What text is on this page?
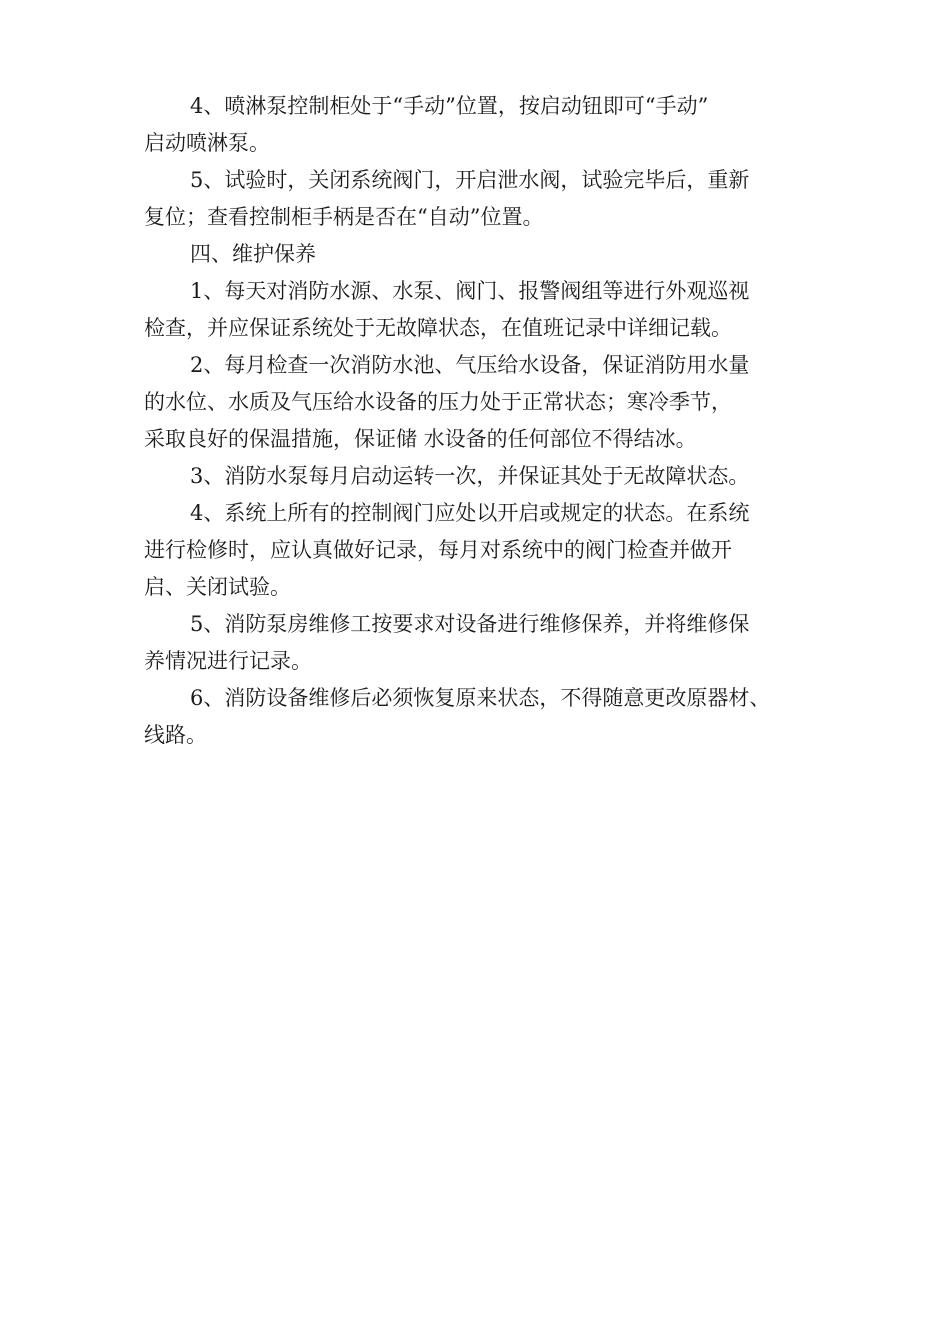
4、喷淋泵控制柜处于“手动”位置，按启动钮即可“手动”
启动喷淋泵。
5、试验时，关闭系统阀门，开启泄水阀，试验完毕后，重新
复位；查看控制柜手柄是否在“自动”位置。
四、维护保养
1、每天对消防水源、水泵、阀门、报警阀组等进行外观巡视
检查，并应保证系统处于无故障状态，在值班记录中详细记载。
2、每月检查一次消防水池、气压给水设备，保证消防用水量
的水位、水质及气压给水设备的压力处于正常状态；寒冷季节，
采取良好的保温措施，保证储 水设备的任何部位不得结冰。
3、消防水泵每月启动运转一次，并保证其处于无故障状态。
4、系统上所有的控制阀门应处以开启或规定的状态。在系统
进行检修时，应认真做好记录，每月对系统中的阀门检查并做开
启、关闭试验。
5、消防泵房维修工按要求对设备进行维修保养，并将维修保
养情况进行记录。
6、消防设备维修后必须恢复原来状态，不得随意更改原器材、
线路。
